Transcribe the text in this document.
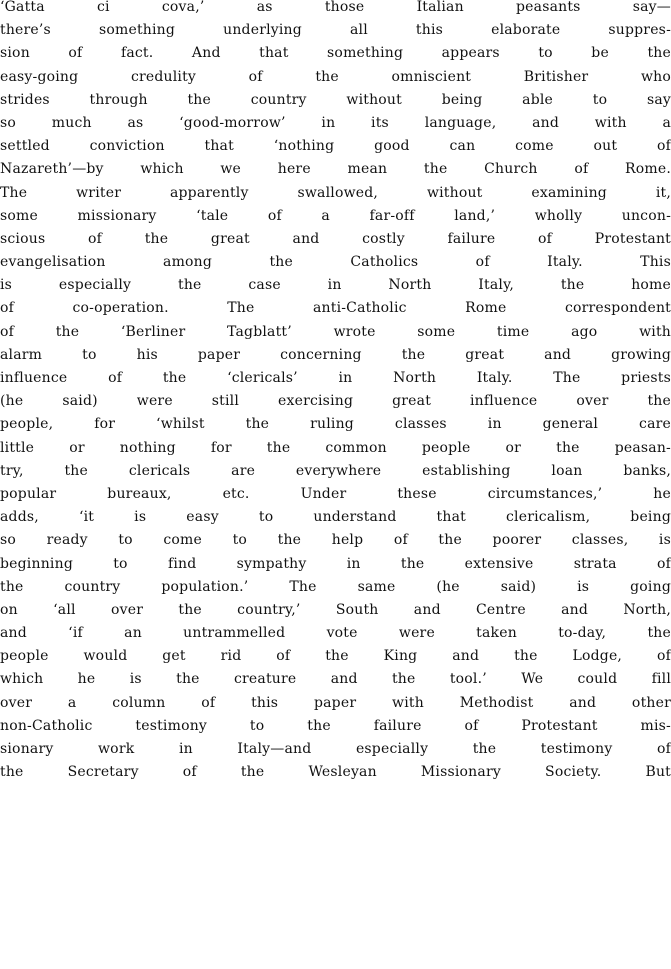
‘Gatta ci cova,’ as those Italian peasants say—
there’s something underlying all this elaborate suppres-
sion of fact. And that something appears to be the
easy-going credulity of the omniscient Britisher who
strides through the country without being able to say
so much as ‘good-morrow’ in its language, and with a
settled conviction that ‘nothing good can come out of
Nazareth’—by which we here mean the Church of Rome.
The writer apparently swallowed, without examining it,
some missionary ‘tale of a far-off land,’ wholly uncon-
scious of the great and costly failure of Protestant
evangelisation among the Catholics of Italy. This
is especially the case in North Italy, the home
of co-operation. The anti-Catholic Rome correspondent
of the ‘Berliner Tagblatt’ wrote some time ago with
alarm to his paper concerning the great and growing
influence of the ‘clericals’ in North Italy. The priests
(he said) were still exercising great influence over the
people, for ‘whilst the ruling classes in general care
little or nothing for the common people or the peasan-
try, the clericals are everywhere establishing loan banks,
popular bureaux, etc. Under these circumstances,’ he
adds, ‘it is easy to understand that clericalism, being
so ready to come to the help of the poorer classes, is
beginning to find sympathy in the extensive strata of
the country population.’ The same (he said) is going
on ‘all over the country,’ South and Centre and North,
and ‘if an untrammelled vote were taken to-day, the
people would get rid of the King and the Lodge, of
which he is the creature and the tool.’ We could fill
over a column of this paper with Methodist and other
non-Catholic testimony to the failure of Protestant mis-
sionary work in Italy—and especially the testimony of
the Secretary of the Wesleyan Missionary Society. But
